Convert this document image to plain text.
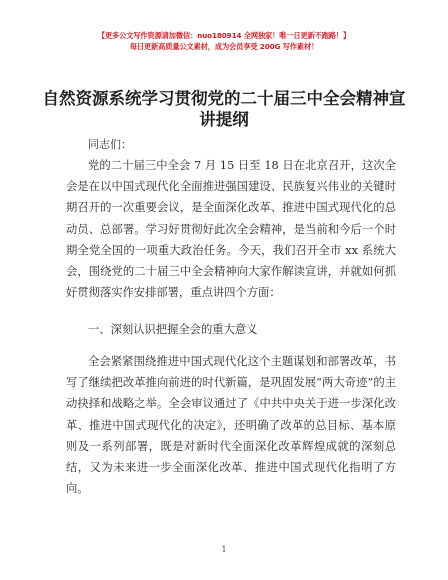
【更多公文写作资源请加微信：nuo180914 全网独家！唯一日更新不跑路！】
每日更新高质量公文素材，成为会员享受 200G 写作素材！
自然资源系统学习贯彻党的二十届三中全会精神宣讲提纲
同志们：
党的二十届三中全会 7 月 15 日至 18 日在北京召开，这次全会是在以中国式现代化全面推进强国建设、民族复兴伟业的关键时期召开的一次重要会议，是全面深化改革、推进中国式现代化的总动员、总部署。学习好贯彻好此次全会精神，是当前和今后一个时期全党全国的一项重大政治任务。今天，我们召开全市 xx 系统大会，围绕党的二十届三中全会精神向大家作解读宣讲，并就如何抓好贯彻落实作安排部署，重点讲四个方面：
一、深刻认识把握全会的重大意义
全会紧紧围绕推进中国式现代化这个主题谋划和部署改革，书写了继续把改革推向前进的时代新篇，是巩固发展“两大奇迹”的主动抉择和战略之举。全会审议通过了《中共中央关于进一步深化改革、推进中国式现代化的决定》，还明确了改革的总目标、基本原则及一系列部署，既是对新时代全面深化改革辉煌成就的深刻总结，又为未来进一步全面深化改革、推进中国式现代化指明了方向。
1
